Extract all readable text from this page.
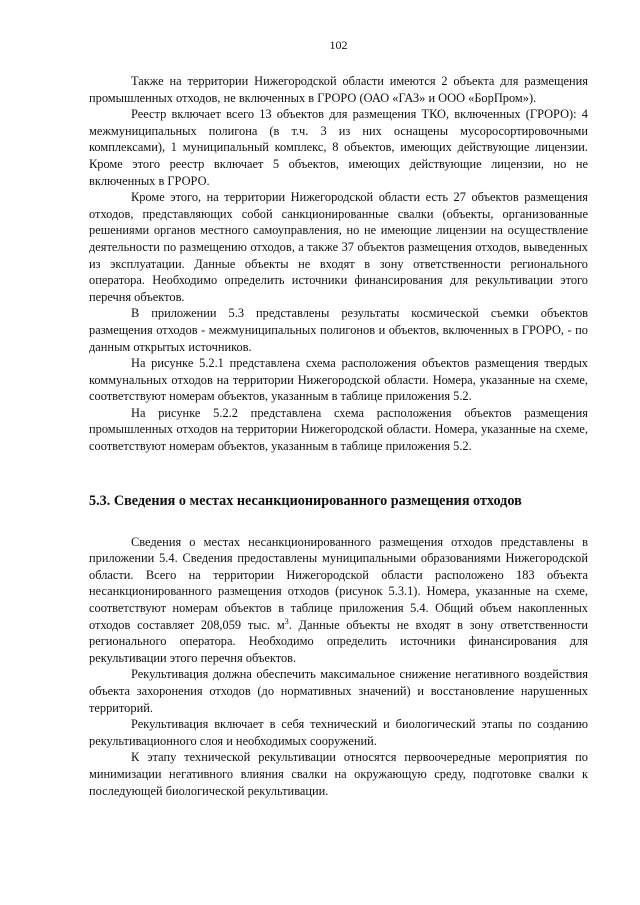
102

Также на территории Нижегородской области имеются 2 объекта для размещения промышленных отходов, не включенных в ГРОРО (ОАО «ГАЗ» и ООО «БорПром»).

Реестр включает всего 13 объектов для размещения ТКО, включенных (ГРОРО): 4 межмуниципальных полигона (в т.ч. 3 из них оснащены мусоросортировочными комплексами), 1 муниципальный комплекс, 8 объектов, имеющих действующие лицензии. Кроме этого реестр включает 5 объектов, имеющих действующие лицензии, но не включенных в ГРОРО.

Кроме этого, на территории Нижегородской области есть 27 объектов размещения отходов, представляющих собой санкционированные свалки (объекты, организованные решениями органов местного самоуправления, но не имеющие лицензии на осуществление деятельности по размещению отходов, а также 37 объектов размещения отходов, выведенных из эксплуатации. Данные объекты не входят в зону ответственности регионального оператора. Необходимо определить источники финансирования для рекультивации этого перечня объектов.

В приложении 5.3 представлены результаты космической съемки объектов размещения отходов - межмуниципальных полигонов и объектов, включенных в ГРОРО, - по данным открытых источников.

На рисунке 5.2.1 представлена схема расположения объектов размещения твердых коммунальных отходов на территории Нижегородской области. Номера, указанные на схеме, соответствуют номерам объектов, указанным в таблице приложения 5.2.

На рисунке 5.2.2 представлена схема расположения объектов размещения промышленных отходов на территории Нижегородской области. Номера, указанные на схеме, соответствуют номерам объектов, указанным в таблице приложения 5.2.

5.3. Сведения о местах несанкционированного размещения отходов

Сведения о местах несанкционированного размещения отходов представлены в приложении 5.4. Сведения предоставлены муниципальными образованиями Нижегородской области. Всего на территории Нижегородской области расположено 183 объекта несанкционированного размещения отходов (рисунок 5.3.1). Номера, указанные на схеме, соответствуют номерам объектов в таблице приложения 5.4. Общий объем накопленных отходов составляет 208,059 тыс. $м^3$. Данные объекты не входят в зону ответственности регионального оператора. Необходимо определить источники финансирования для рекультивации этого перечня объектов.

Рекультивация должна обеспечить максимальное снижение негативного воздействия объекта захоронения отходов (до нормативных значений) и восстановление нарушенных территорий.

Рекультивация включает в себя технический и биологический этапы по созданию рекультивационного слоя и необходимых сооружений.

К этапу технической рекультивации относятся первоочередные мероприятия по минимизации негативного влияния свалки на окружающую среду, подготовке свалки к последующей биологической рекультивации.
